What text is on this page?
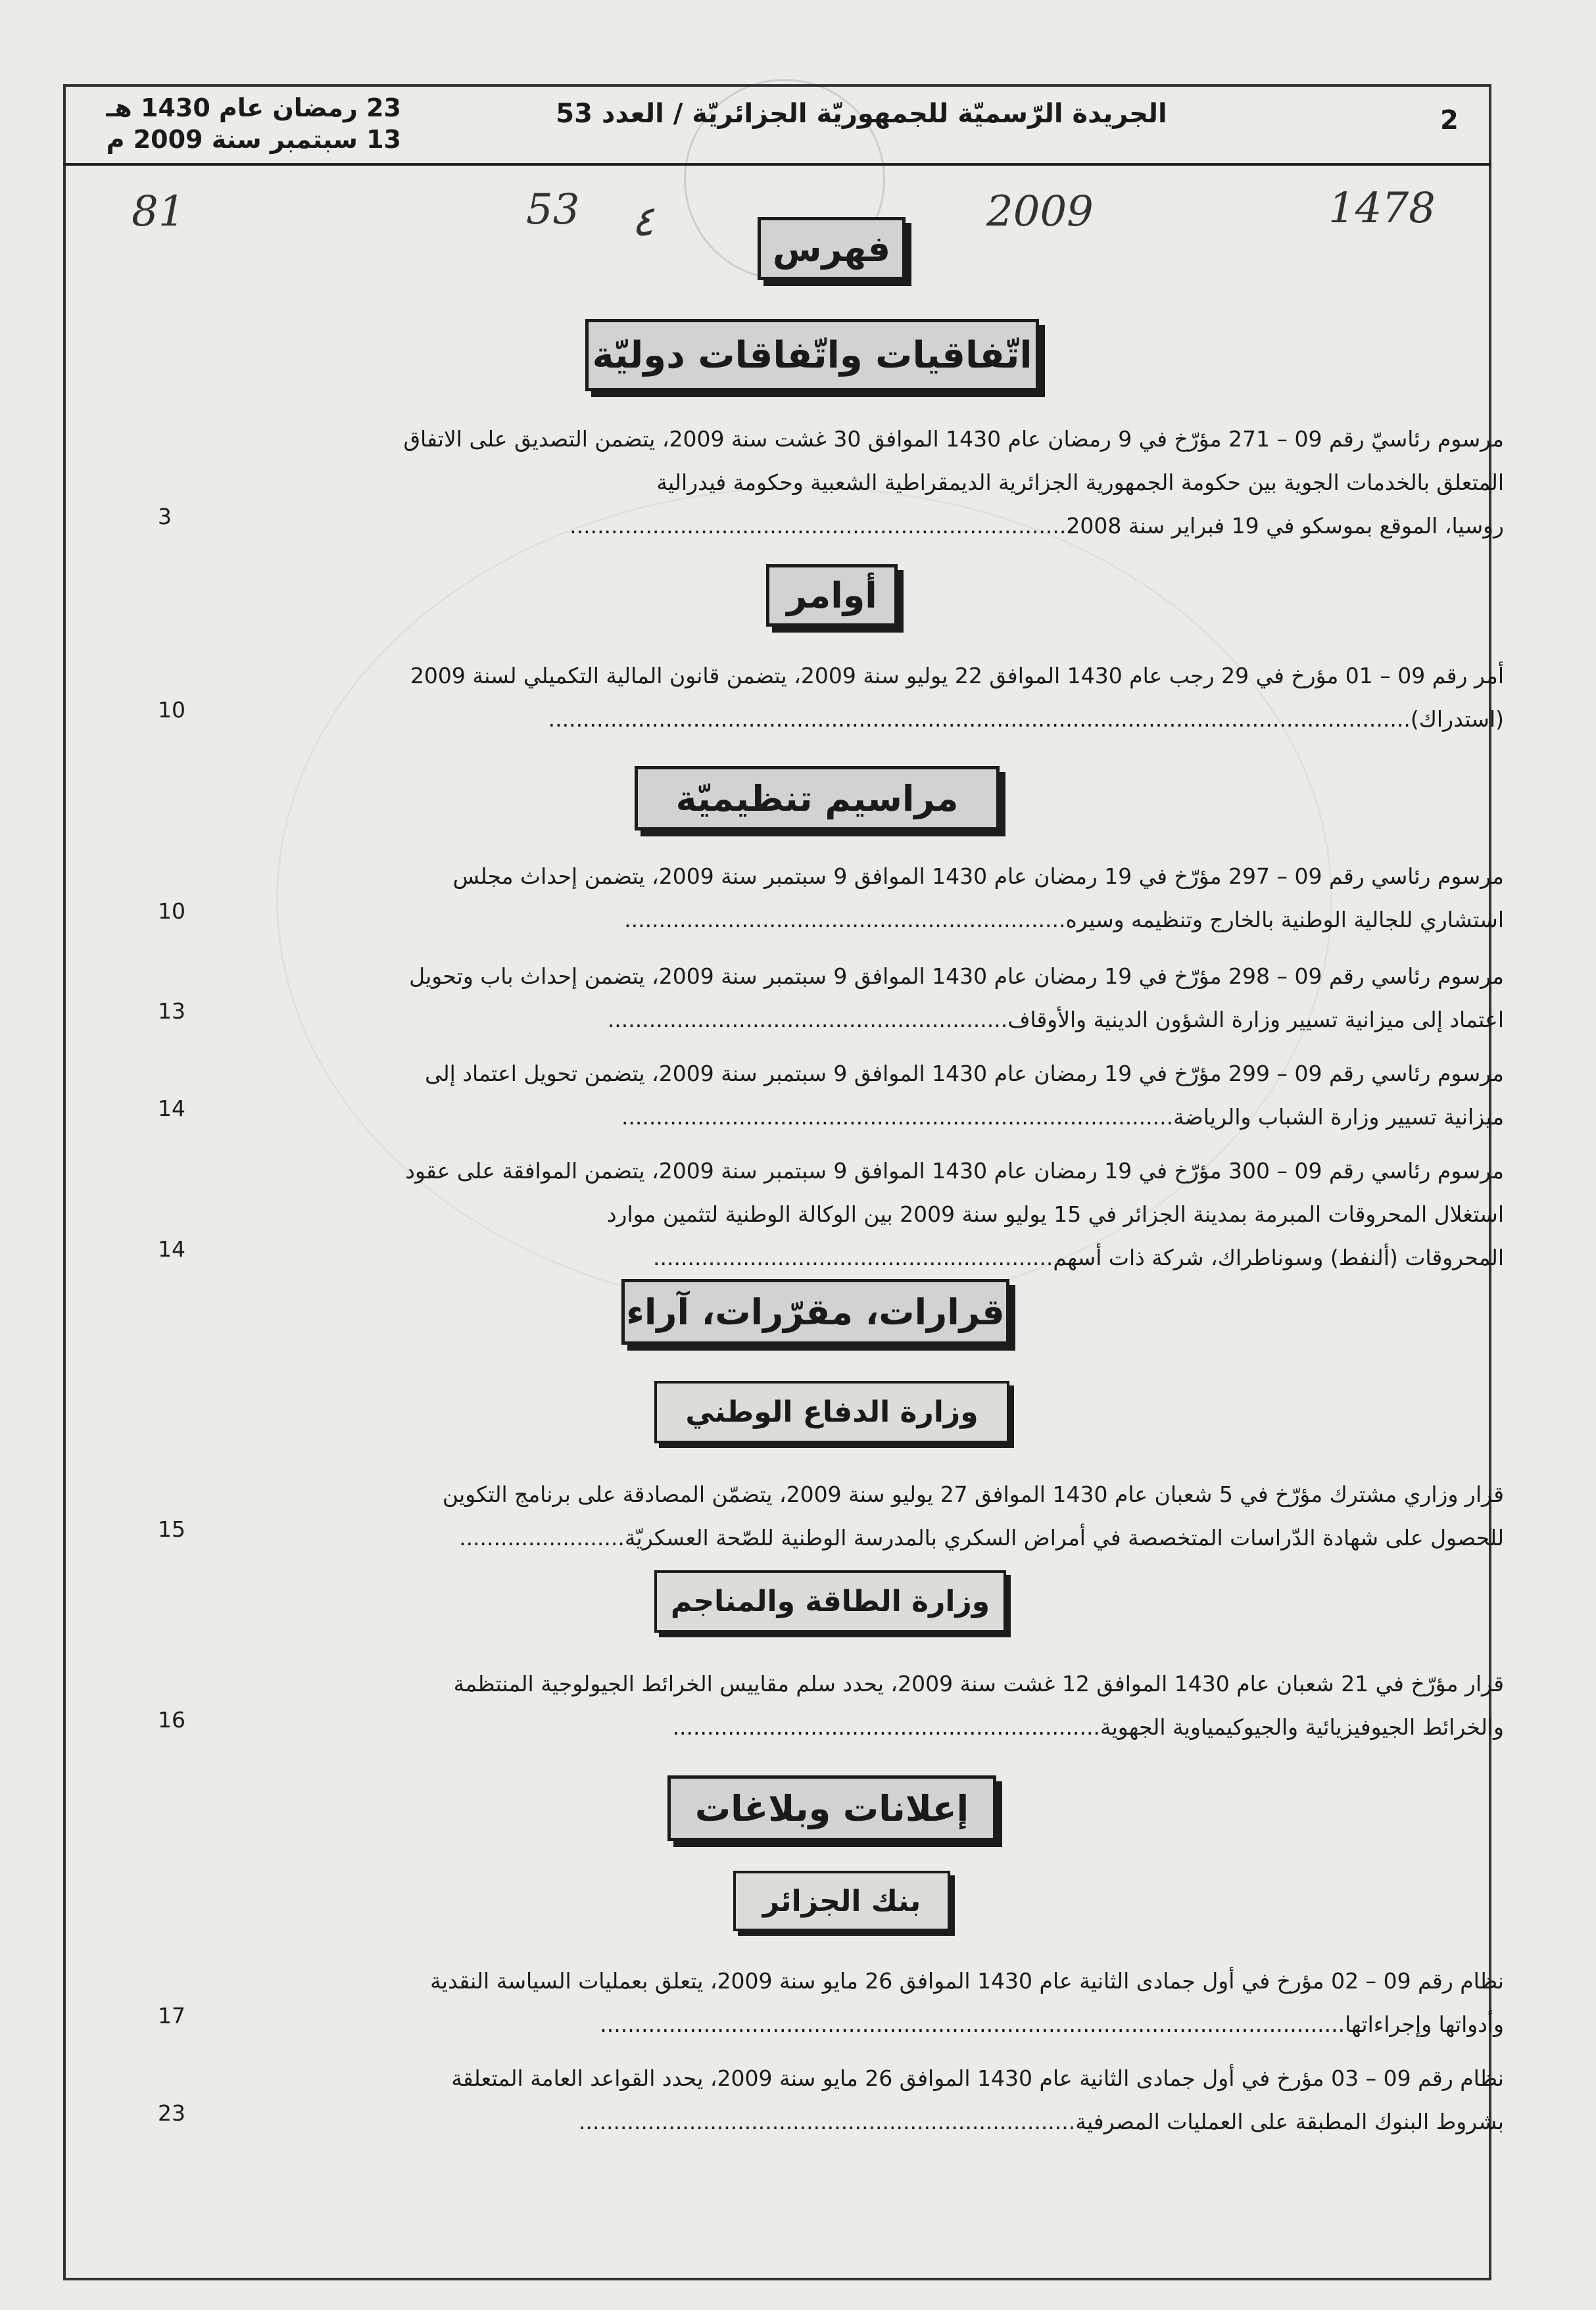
2
الجريدة الرّسميّة للجمهوريّة الجزائريّة / العدد 53
23 رمضان عام 1430 هـ
13 سبتمبر سنة 2009 م
81	53 ٤	2009	1478
فهرس
اتّفاقيات واتّفاقات دوليّة
مرسوم رئاسيّ رقم 09 – 271 مؤرّخ في 9 رمضان عام 1430 الموافق 30 غشت سنة 2009، يتضمن التصديق على الاتفاق
المتعلق بالخدمات الجوية بين حكومة الجمهورية الجزائرية الديمقراطية الشعبية وحكومة فيدرالية
روسيا، الموقع بموسكو في 19 فبراير سنة 2008........................................................................
3
أوامر
أمر رقم 09 – 01 مؤرخ في 29 رجب عام 1430 الموافق 22 يوليو سنة 2009، يتضمن قانون المالية التكميلي لسنة 2009
(استدراك).............................................................................................................................
10
مراسيم تنظيميّة
مرسوم رئاسي رقم 09 – 297 مؤرّخ في 19 رمضان عام 1430 الموافق 9 سبتمبر سنة 2009، يتضمن إحداث مجلس
استشاري للجالية الوطنية بالخارج وتنظيمه وسيره................................................................
10
مرسوم رئاسي رقم 09 – 298 مؤرّخ في 19 رمضان عام 1430 الموافق 9 سبتمبر سنة 2009، يتضمن إحداث باب وتحويل
اعتماد إلى ميزانية تسيير وزارة الشؤون الدينية والأوقاف..........................................................
13
مرسوم رئاسي رقم 09 – 299 مؤرّخ في 19 رمضان عام 1430 الموافق 9 سبتمبر سنة 2009، يتضمن تحويل اعتماد إلى
ميزانية تسيير وزارة الشباب والرياضة................................................................................
14
مرسوم رئاسي رقم 09 – 300 مؤرّخ في 19 رمضان عام 1430 الموافق 9 سبتمبر سنة 2009، يتضمن الموافقة على عقود
استغلال المحروقات المبرمة بمدينة الجزائر في 15 يوليو سنة 2009 بين الوكالة الوطنية لتثمين موارد
المحروقات (ألنفط) وسوناطراك، شركة ذات أسهم..........................................................
14
قرارات، مقرّرات، آراء
وزارة الدفاع الوطني
قرار وزاري مشترك مؤرّخ في 5 شعبان عام 1430 الموافق 27 يوليو سنة 2009، يتضمّن المصادقة على برنامج التكوين
للحصول على شهادة الدّراسات المتخصصة في أمراض السكري بالمدرسة الوطنية للصّحة العسكريّة........................
15
وزارة الطاقة والمناجم
قرار مؤرّخ في 21 شعبان عام 1430 الموافق 12 غشت سنة 2009، يحدد سلم مقاييس الخرائط الجيولوجية المنتظمة
والخرائط الجيوفيزيائية والجيوكيمياوية الجهوية..............................................................
16
إعلانات وبلاغات
بنك الجزائر
نظام رقم 09 – 02 مؤرخ في أول جمادى الثانية عام 1430 الموافق 26 مايو سنة 2009، يتعلق بعمليات السياسة النقدية
وأدواتها وإجراءاتها............................................................................................................
17
نظام رقم 09 – 03 مؤرخ في أول جمادى الثانية عام 1430 الموافق 26 مايو سنة 2009، يحدد القواعد العامة المتعلقة
بشروط البنوك المطبقة على العمليات المصرفية........................................................................
23
